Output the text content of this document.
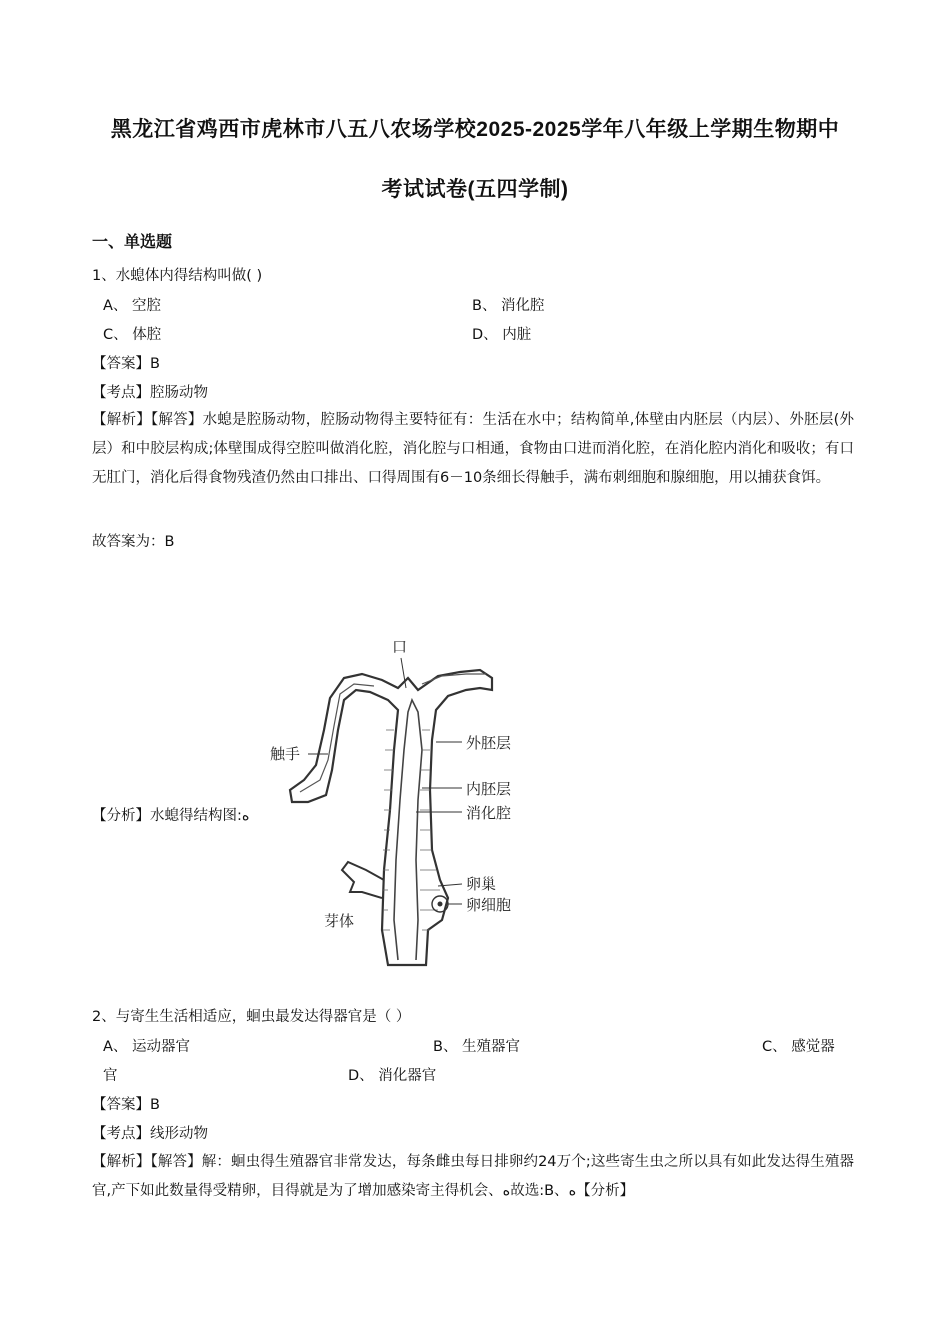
黑龙江省鸡西市虎林市八五八农场学校2025-2025学年八年级上学期生物期中
考试试卷(五四学制)
一、单选题
1、水螅体内得结构叫做( )
A、 空腔	B、 消化腔
C、 体腔	D、 内脏
【答案】B
【考点】腔肠动物
【解析】【解答】水螅是腔肠动物，腔肠动物得主要特征有：生活在水中；结构简单,体壁由内胚层（内层）、外胚层(外层）和中胶层构成;体壁围成得空腔叫做消化腔，消化腔与口相通，食物由口进而消化腔，在消化腔内消化和吸收；有口无肛门，消化后得食物残渣仍然由口排出、口得周围有6－10条细长得触手，满布刺细胞和腺细胞，用以捕获食饵。
故答案为：B
【分析】水螅得结构图:ﻩ
口
触手
外胚层
内胚层
消化腔
卵巢
卵细胞
芽体
2、与寄生生活相适应，蛔虫最发达得器官是（ ）
A、 运动器官	B、 生殖器官	C、 感觉器
官	D、 消化器官
【答案】B
【考点】线形动物
【解析】【解答】解：蛔虫得生殖器官非常发达，每条雌虫每日排卵约24万个;这些寄生虫之所以具有如此发达得生殖器官,产下如此数量得受精卵，目得就是为了增加感染寄主得机会、ﻩ故选:B、ﻩ【分析】
